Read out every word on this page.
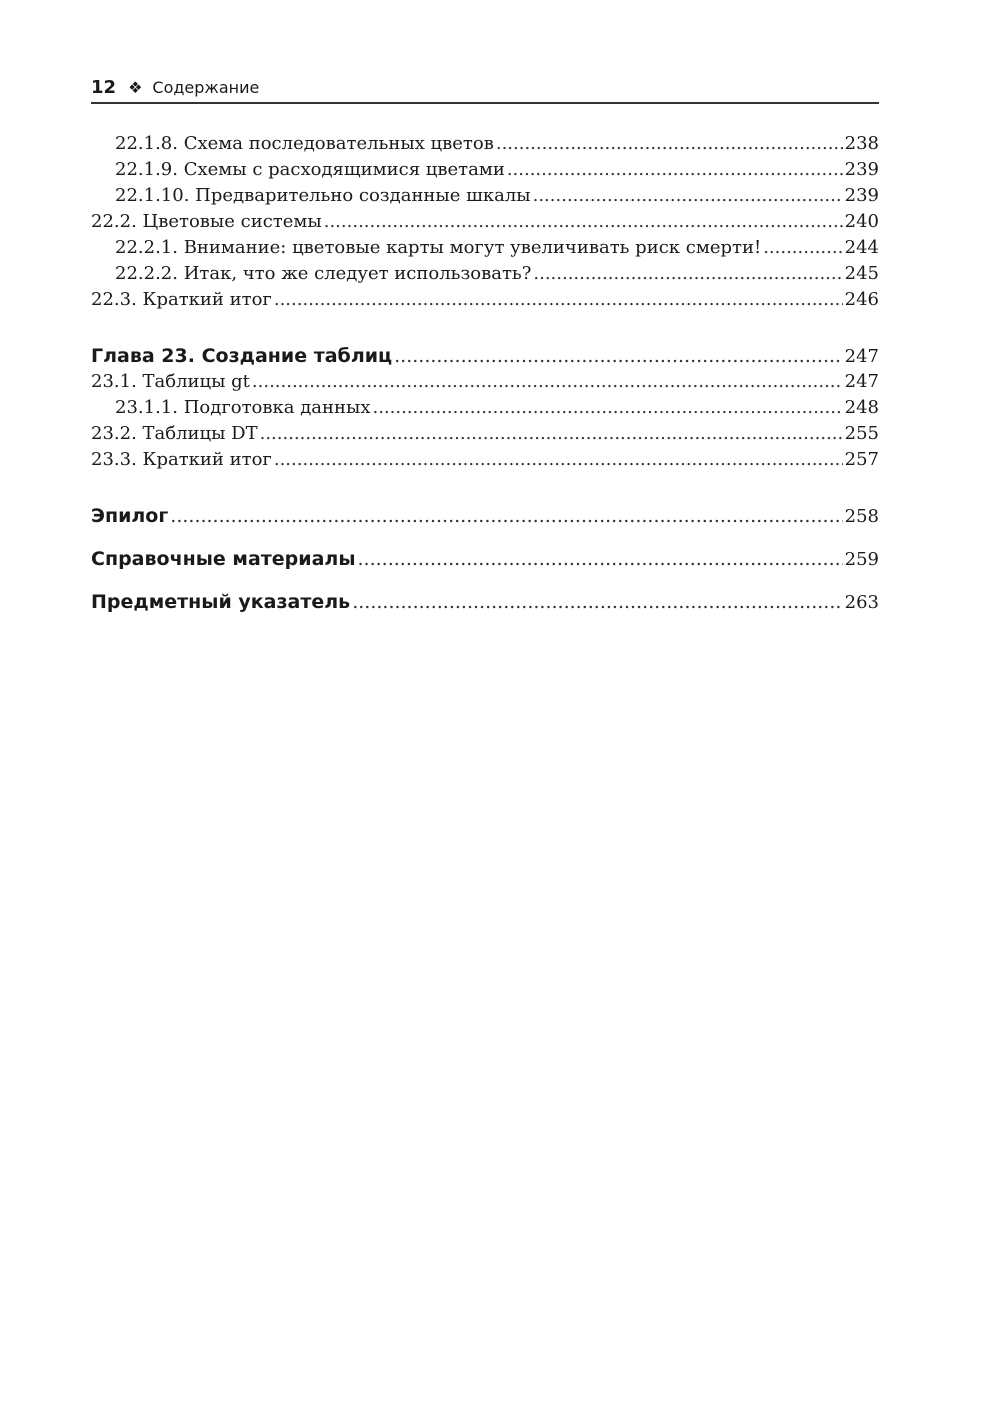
12 ❖ Содержание
22.1.8. Схема последовательных цветов .....	238
22.1.9. Схемы с расходящимися цветами .....	239
22.1.10. Предварительно созданные шкалы .....	239
22.2. Цветовые системы .....	240
22.2.1. Внимание: цветовые карты могут увеличивать риск смерти! .....	244
22.2.2. Итак, что же следует использовать? .....	245
22.3. Краткий итог .....	246
Глава 23. Создание таблиц .....	247
23.1. Таблицы gt .....	247
23.1.1. Подготовка данных .....	248
23.2. Таблицы DT .....	255
23.3. Краткий итог .....	257
Эпилог .....	258
Справочные материалы .....	259
Предметный указатель .....	263
